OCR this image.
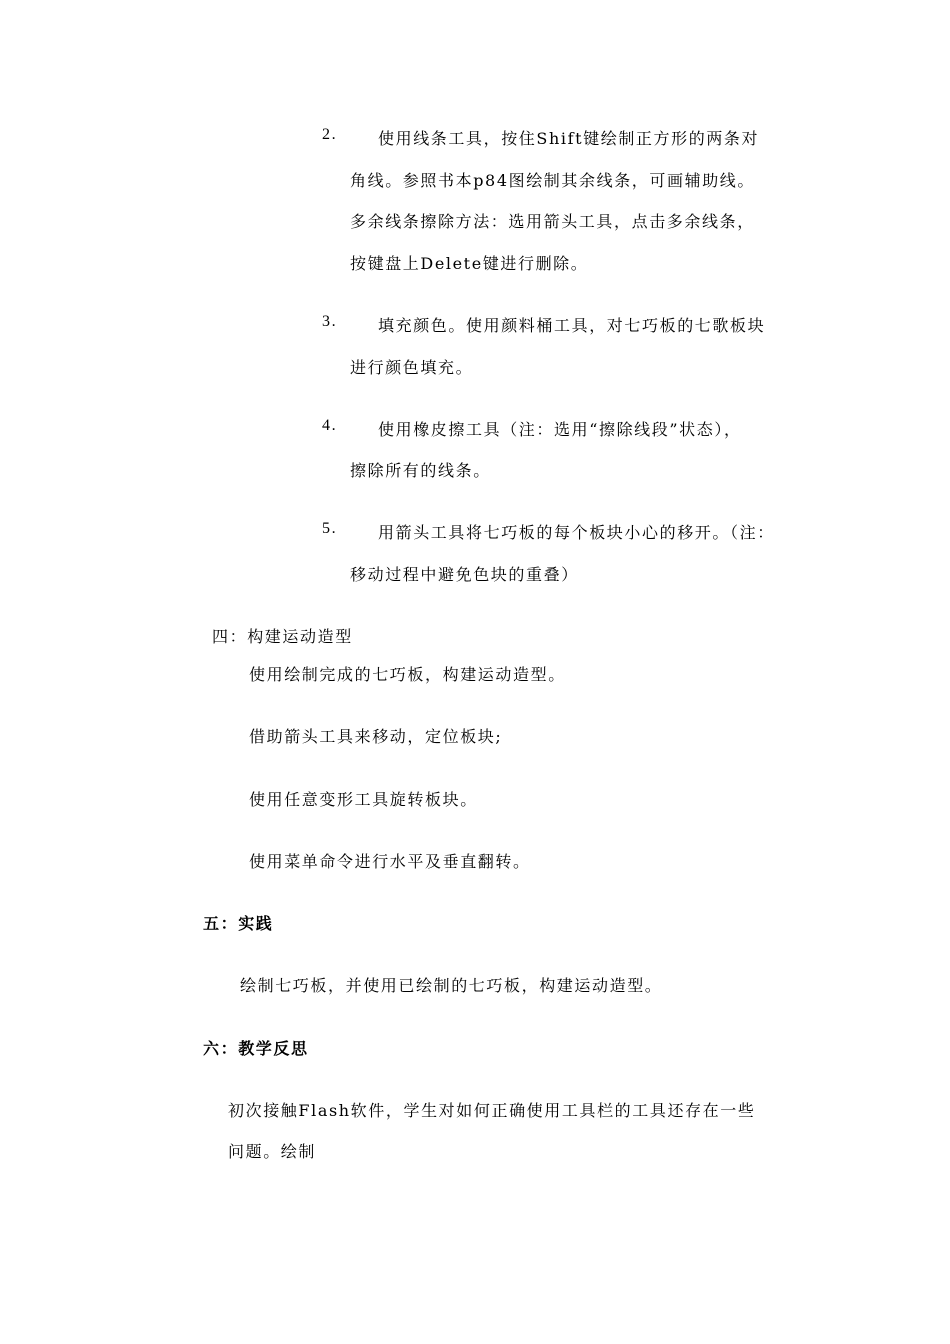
2.	使用线条工具，按住Shift键绘制正方形的两条对
角线。参照书本p84图绘制其余线条，可画辅助线。
多余线条擦除方法：选用箭头工具，点击多余线条，
按键盘上Delete键进行删除。
3.	填充颜色。使用颜料桶工具，对七巧板的七歌板块
进行颜色填充。
4.	使用橡皮擦工具（注：选用“擦除线段”状态），
擦除所有的线条。
5.	用箭头工具将七巧板的每个板块小心的移开。（注：
移动过程中避免色块的重叠）
四：构建运动造型
使用绘制完成的七巧板，构建运动造型。
借助箭头工具来移动，定位板块;
使用任意变形工具旋转板块。
使用菜单命令进行水平及垂直翻转。
五：实践
绘制七巧板，并使用已绘制的七巧板，构建运动造型。
六：教学反思
初次接触Flash软件，学生对如何正确使用工具栏的工具还存在一些
问题。绘制
